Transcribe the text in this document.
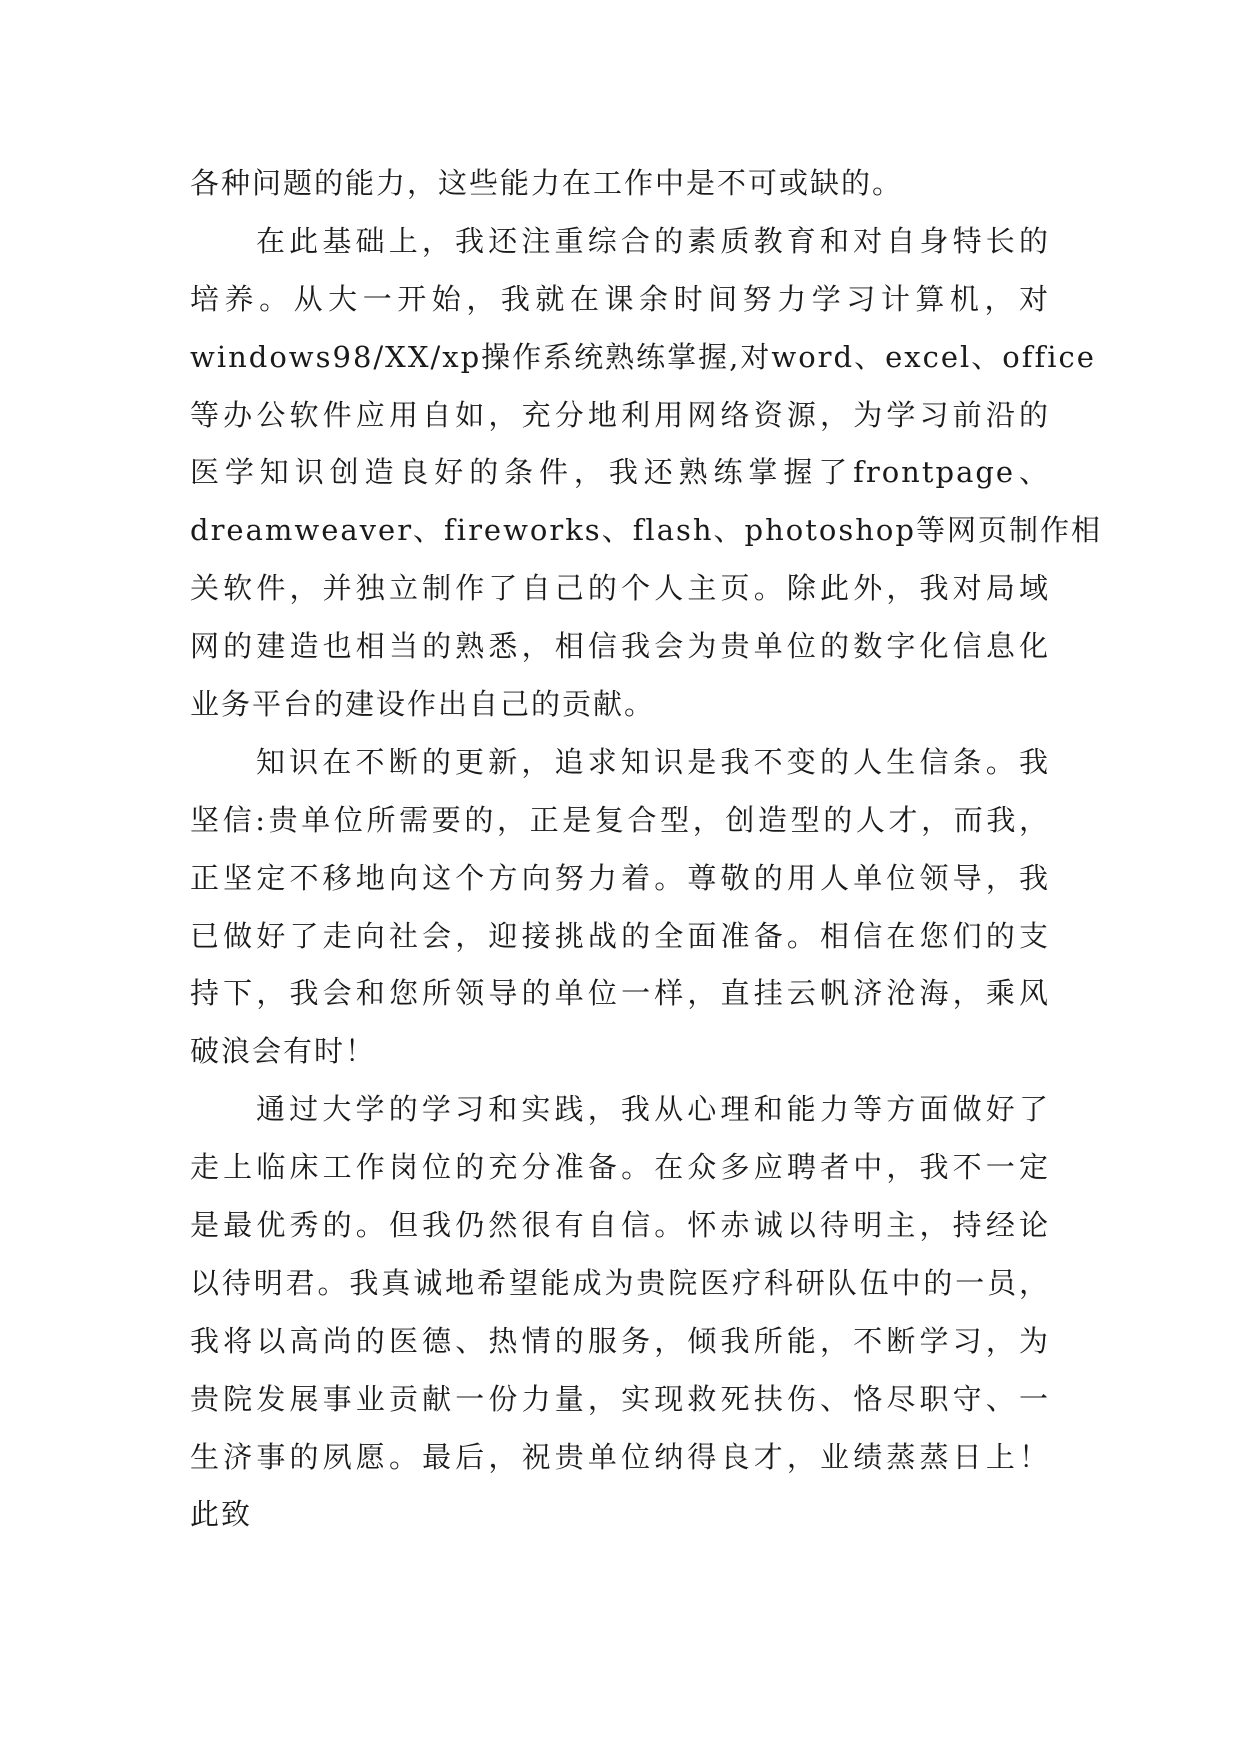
各种问题的能力，这些能力在工作中是不可或缺的。
在此基础上，我还注重综合的素质教育和对自身特长的
培养。从大一开始，我就在课余时间努力学习计算机，对
windows98/XX/xp操作系统熟练掌握,对word、excel、office
等办公软件应用自如，充分地利用网络资源，为学习前沿的
医学知识创造良好的条件，我还熟练掌握了frontpage、
dreamweaver、fireworks、flash、photoshop等网页制作相
关软件，并独立制作了自己的个人主页。除此外，我对局域
网的建造也相当的熟悉，相信我会为贵单位的数字化信息化
业务平台的建设作出自己的贡献。
知识在不断的更新，追求知识是我不变的人生信条。我
坚信:贵单位所需要的，正是复合型，创造型的人才，而我，
正坚定不移地向这个方向努力着。尊敬的用人单位领导，我
已做好了走向社会，迎接挑战的全面准备。相信在您们的支
持下，我会和您所领导的单位一样，直挂云帆济沧海，乘风
破浪会有时！
通过大学的学习和实践，我从心理和能力等方面做好了
走上临床工作岗位的充分准备。在众多应聘者中，我不一定
是最优秀的。但我仍然很有自信。怀赤诚以待明主，持经论
以待明君。我真诚地希望能成为贵院医疗科研队伍中的一员，
我将以高尚的医德、热情的服务，倾我所能，不断学习，为
贵院发展事业贡献一份力量，实现救死扶伤、恪尽职守、一
生济事的夙愿。最后，祝贵单位纳得良才，业绩蒸蒸日上！
此致
